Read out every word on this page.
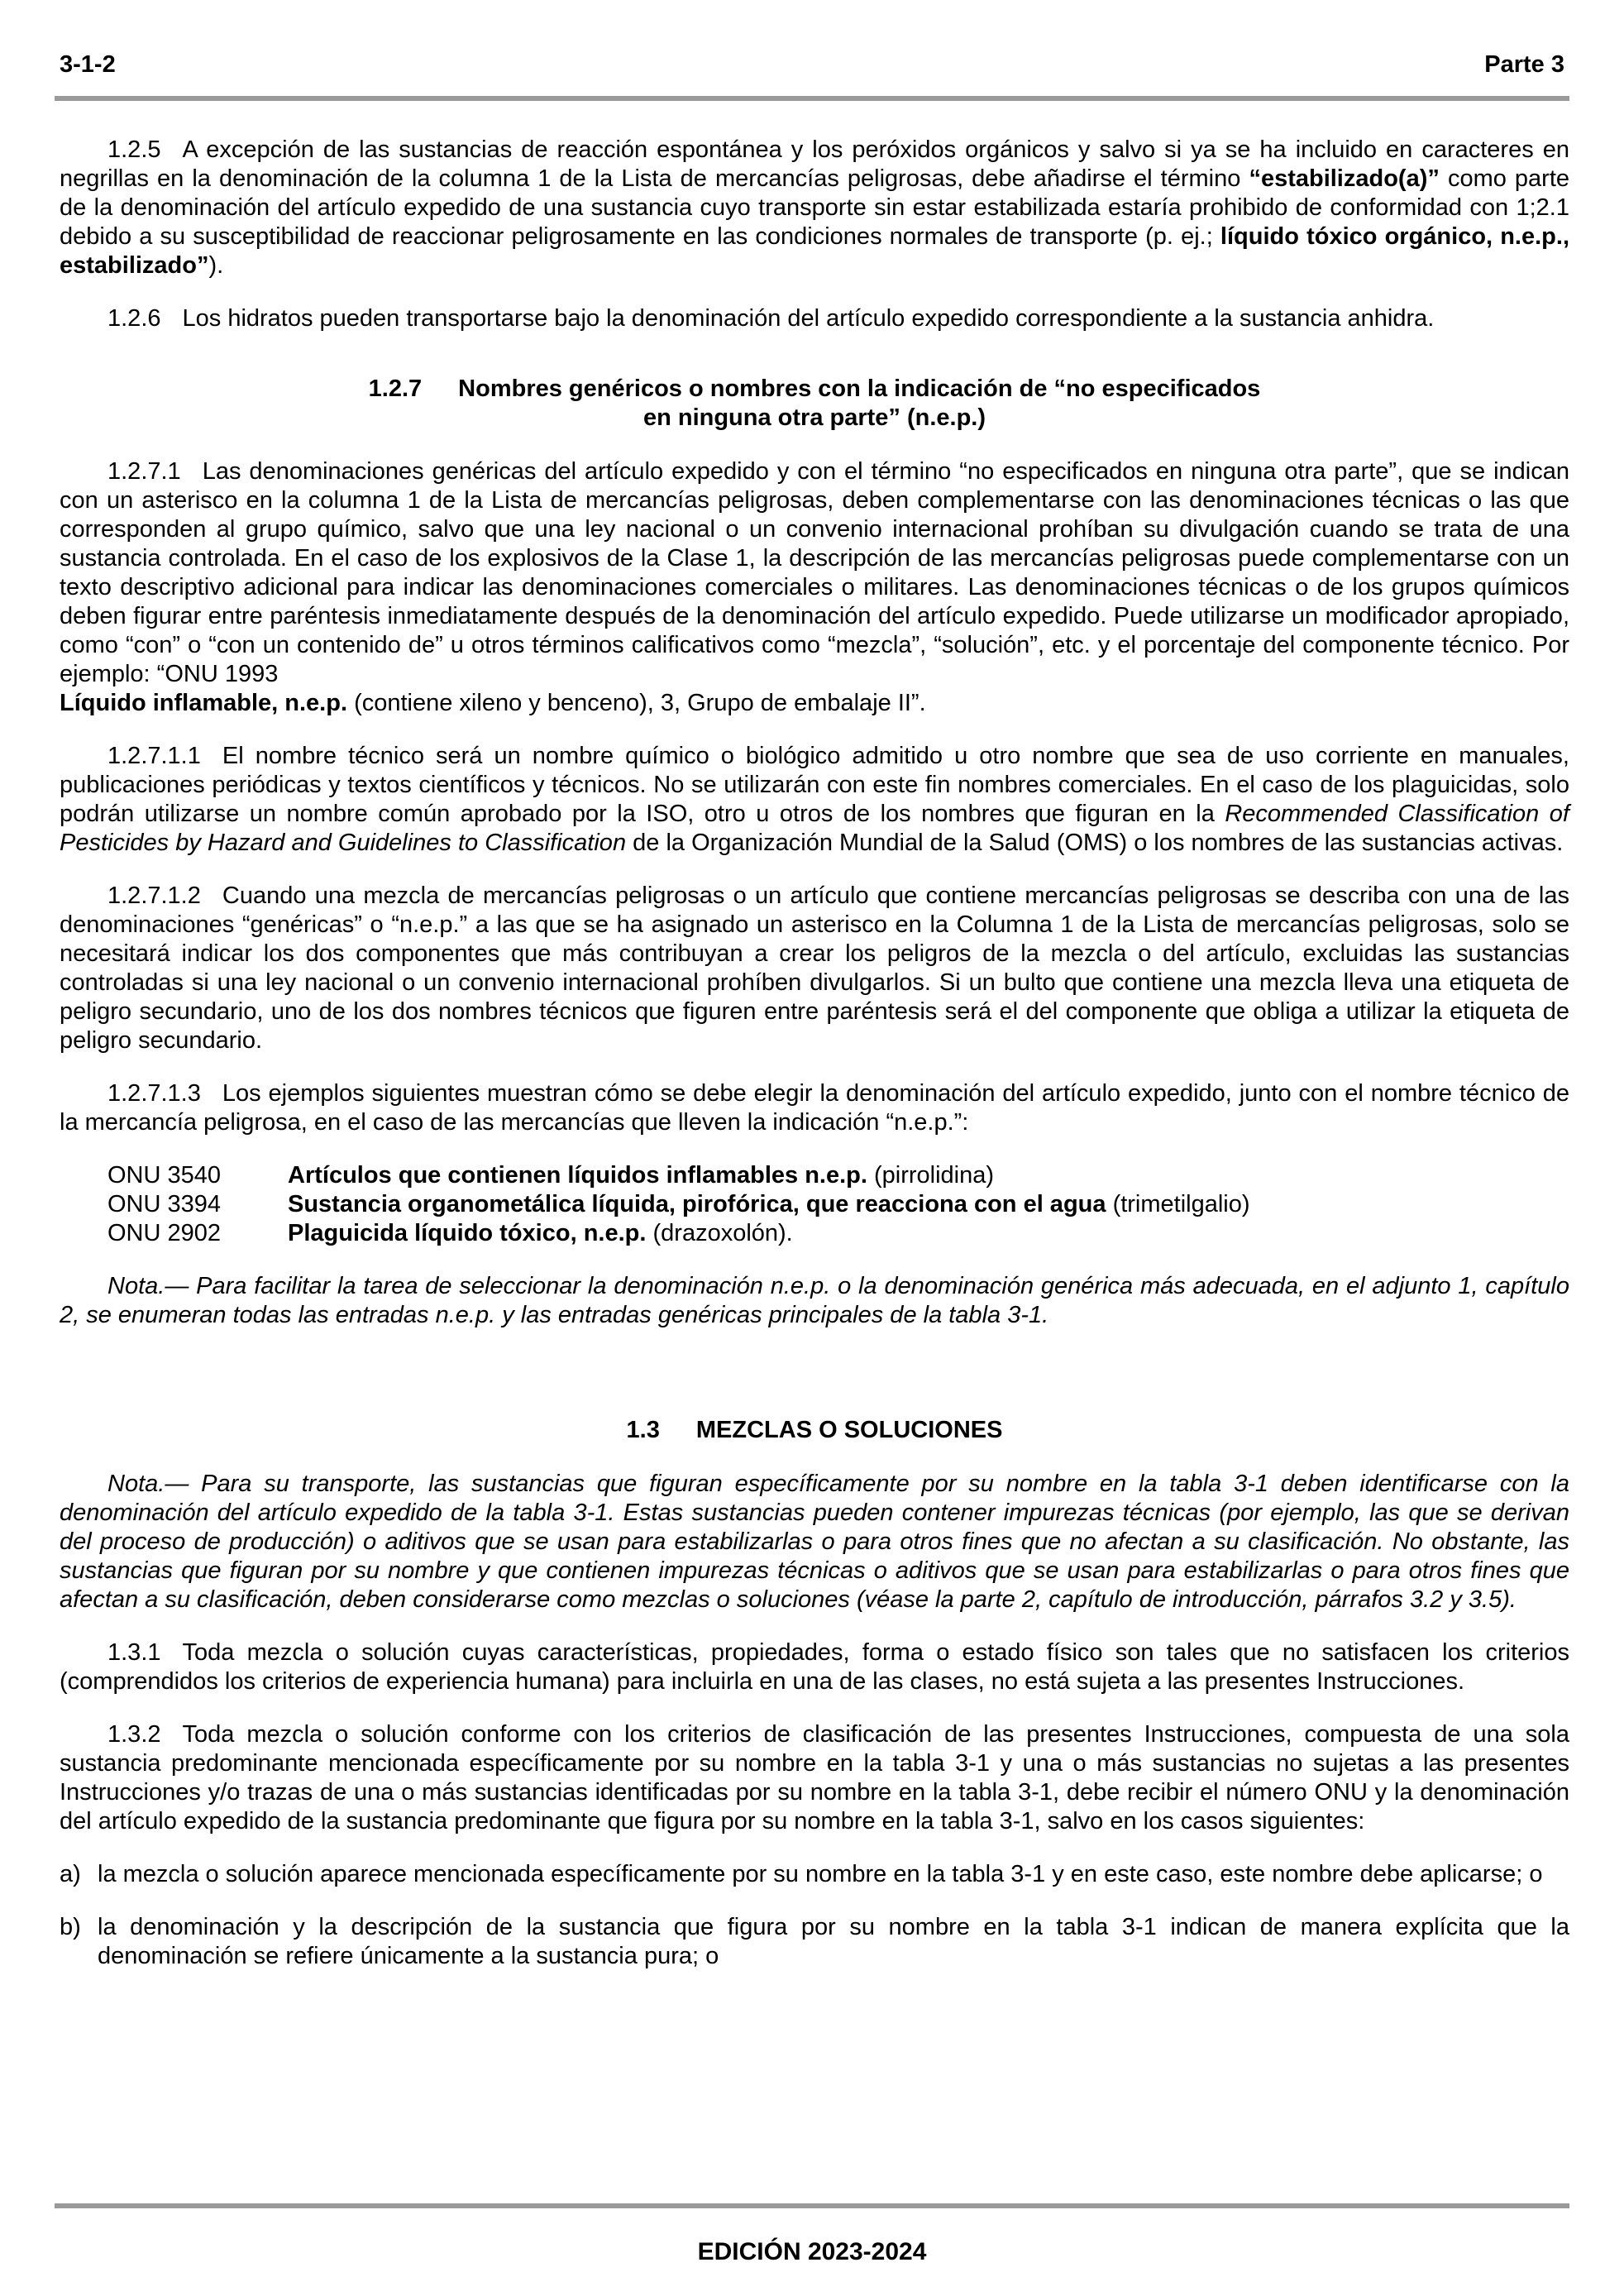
3-1-2	Parte 3

1.2.5 A excepción de las sustancias de reacción espontánea y los peróxidos orgánicos y salvo si ya se ha incluido en caracteres en negrillas en la denominación de la columna 1 de la Lista de mercancías peligrosas, debe añadirse el término “estabilizado(a)” como parte de la denominación del artículo expedido de una sustancia cuyo transporte sin estar estabilizada estaría prohibido de conformidad con 1;2.1 debido a su susceptibilidad de reaccionar peligrosamente en las condiciones normales de transporte (p. ej.; líquido tóxico orgánico, n.e.p., estabilizado”).

1.2.6 Los hidratos pueden transportarse bajo la denominación del artículo expedido correspondiente a la sustancia anhidra.

1.2.7 Nombres genéricos o nombres con la indicación de “no especificados
en ninguna otra parte” (n.e.p.)

1.2.7.1 Las denominaciones genéricas del artículo expedido y con el término “no especificados en ninguna otra parte”, que se indican con un asterisco en la columna 1 de la Lista de mercancías peligrosas, deben complementarse con las denominaciones técnicas o las que corresponden al grupo químico, salvo que una ley nacional o un convenio internacional prohíban su divulgación cuando se trata de una sustancia controlada. En el caso de los explosivos de la Clase 1, la descripción de las mercancías peligrosas puede complementarse con un texto descriptivo adicional para indicar las denominaciones comerciales o militares. Las denominaciones técnicas o de los grupos químicos deben figurar entre paréntesis inmediatamente después de la denominación del artículo expedido. Puede utilizarse un modificador apropiado, como “con” o “con un contenido de” u otros términos calificativos como “mezcla”, “solución”, etc. y el porcentaje del componente técnico. Por ejemplo: “ONU 1993
Líquido inflamable, n.e.p. (contiene xileno y benceno), 3, Grupo de embalaje II”.

1.2.7.1.1 El nombre técnico será un nombre químico o biológico admitido u otro nombre que sea de uso corriente en manuales, publicaciones periódicas y textos científicos y técnicos. No se utilizarán con este fin nombres comerciales. En el caso de los plaguicidas, solo podrán utilizarse un nombre común aprobado por la ISO, otro u otros de los nombres que figuran en la Recommended Classification of Pesticides by Hazard and Guidelines to Classification de la Organización Mundial de la Salud (OMS) o los nombres de las sustancias activas.

1.2.7.1.2 Cuando una mezcla de mercancías peligrosas o un artículo que contiene mercancías peligrosas se describa con una de las denominaciones “genéricas” o “n.e.p.” a las que se ha asignado un asterisco en la Columna 1 de la Lista de mercancías peligrosas, solo se necesitará indicar los dos componentes que más contribuyan a crear los peligros de la mezcla o del artículo, excluidas las sustancias controladas si una ley nacional o un convenio internacional prohíben divulgarlos. Si un bulto que contiene una mezcla lleva una etiqueta de peligro secundario, uno de los dos nombres técnicos que figuren entre paréntesis será el del componente que obliga a utilizar la etiqueta de peligro secundario.

1.2.7.1.3 Los ejemplos siguientes muestran cómo se debe elegir la denominación del artículo expedido, junto con el nombre técnico de la mercancía peligrosa, en el caso de las mercancías que lleven la indicación “n.e.p.”:

ONU 3540	Artículos que contienen líquidos inflamables n.e.p. (pirrolidina)
ONU 3394	Sustancia organometálica líquida, pirofórica, que reacciona con el agua (trimetilgalio)
ONU 2902	Plaguicida líquido tóxico, n.e.p. (drazoxolón).

Nota.— Para facilitar la tarea de seleccionar la denominación n.e.p. o la denominación genérica más adecuada, en el adjunto 1, capítulo 2, se enumeran todas las entradas n.e.p. y las entradas genéricas principales de la tabla 3-1.

1.3 MEZCLAS O SOLUCIONES

Nota.— Para su transporte, las sustancias que figuran específicamente por su nombre en la tabla 3-1 deben identificarse con la denominación del artículo expedido de la tabla 3-1. Estas sustancias pueden contener impurezas técnicas (por ejemplo, las que se derivan del proceso de producción) o aditivos que se usan para estabilizarlas o para otros fines que no afectan a su clasificación. No obstante, las sustancias que figuran por su nombre y que contienen impurezas técnicas o aditivos que se usan para estabilizarlas o para otros fines que afectan a su clasificación, deben considerarse como mezclas o soluciones (véase la parte 2, capítulo de introducción, párrafos 3.2 y 3.5).

1.3.1 Toda mezcla o solución cuyas características, propiedades, forma o estado físico son tales que no satisfacen los criterios (comprendidos los criterios de experiencia humana) para incluirla en una de las clases, no está sujeta a las presentes Instrucciones.

1.3.2 Toda mezcla o solución conforme con los criterios de clasificación de las presentes Instrucciones, compuesta de una sola sustancia predominante mencionada específicamente por su nombre en la tabla 3-1 y una o más sustancias no sujetas a las presentes Instrucciones y/o trazas de una o más sustancias identificadas por su nombre en la tabla 3-1, debe recibir el número ONU y la denominación del artículo expedido de la sustancia predominante que figura por su nombre en la tabla 3-1, salvo en los casos siguientes:

a) la mezcla o solución aparece mencionada específicamente por su nombre en la tabla 3-1 y en este caso, este nombre debe aplicarse; o
b) la denominación y la descripción de la sustancia que figura por su nombre en la tabla 3-1 indican de manera explícita que la denominación se refiere únicamente a la sustancia pura; o
EDICIÓN 2023-2024
